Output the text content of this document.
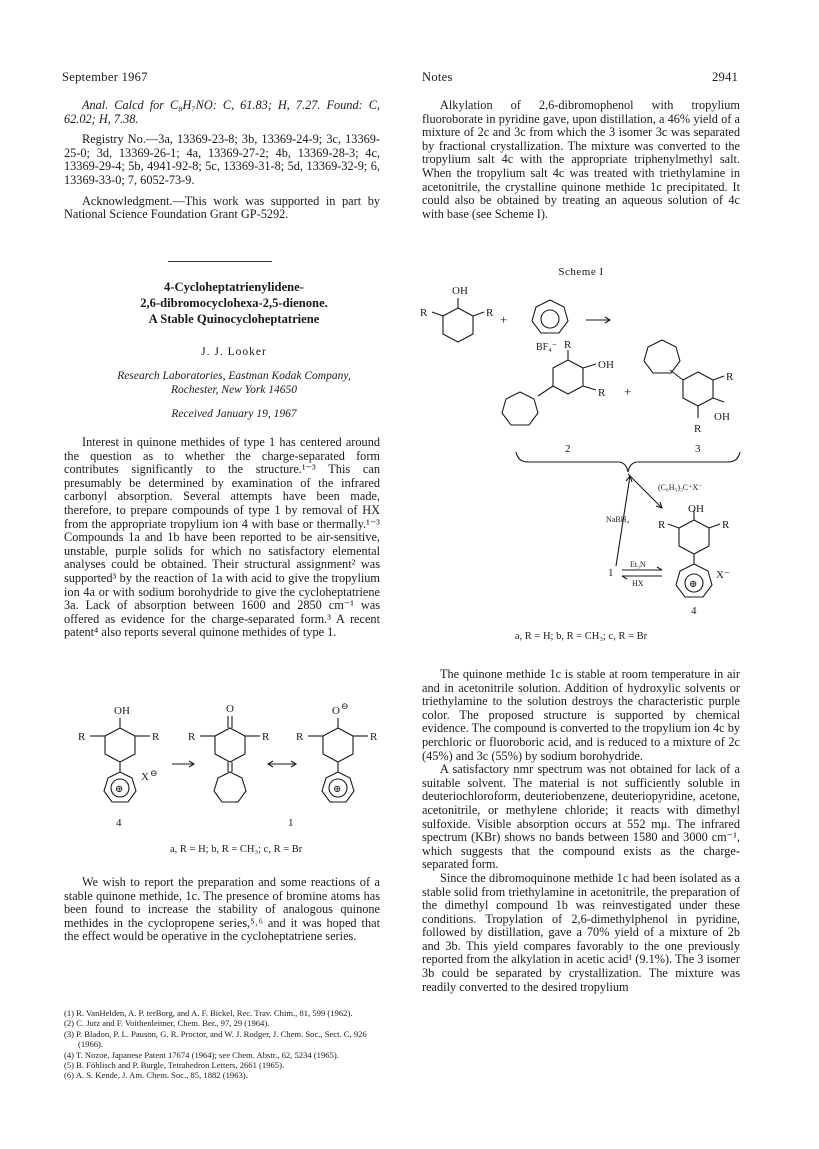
September 1967	Notes	2941

Anal. Calcd for C₈H₇NO: C, 61.83; H, 7.27. Found: C, 62.02; H, 7.38.

Registry No.—3a, 13369-23-8; 3b, 13369-24-9; 3c, 13369-25-0; 3d, 13369-26-1; 4a, 13369-27-2; 4b, 13369-28-3; 4c, 13369-29-4; 5b, 4941-92-8; 5c, 13369-31-8; 5d, 13369-32-9; 6, 13369-33-0; 7, 6052-73-9.

Acknowledgment.—This work was supported in part by National Science Foundation Grant GP-5292.

4-Cycloheptatrienylidene-
2,6-dibromocyclohexa-2,5-dienone.
A Stable Quinocycloheptatriene
J. J. Looker
Research Laboratories, Eastman Kodak Company,
Rochester, New York 14650
Received January 19, 1967

Interest in quinone methides of type 1 has centered around the question as to whether the charge-separated form contributes significantly to the structure.¹⁻³ This can presumably be determined by examination of the infrared carbonyl absorption. Several attempts have been made, therefore, to prepare compounds of type 1 by removal of HX from the appropriate tropylium ion 4 with base or thermally.¹⁻³ Compounds 1a and 1b have been reported to be air-sensitive, unstable, purple solids for which no satisfactory elemental analyses could be obtained. Their structural assignment² was supported³ by the reaction of 1a with acid to give the tropylium ion 4a or with sodium borohydride to give the cycloheptatriene 3a. Lack of absorption between 1600 and 2850 cm⁻¹ was offered as evidence for the charge-separated form.³ A recent patent⁴ also reports several quinone methides of type 1.

OH
R	R
X ⊖
⊕
4
O
R	R
1
O ⊖
R	R
⊕
a, R = H; b, R = CH₃; c, R = Br

We wish to report the preparation and some reactions of a stable quinone methide, 1c. The presence of bromine atoms has been found to increase the stability of analogous quinone methides in the cyclopropene series,⁵˒⁶ and it was hoped that the effect would be operative in the cycloheptatriene series.

(1) R. VanHelden, A. P. terBorg, and A. F. Bickel, Rec. Trav. Chim., 81, 599 (1962).
(2) C. Jutz and F. Voithenleitner, Chem. Ber., 97, 29 (1964).
(3) P. Bladon, P. L. Pauson, G. R. Proctor, and W. J. Rodger, J. Chem. Soc., Sect. C, 926 (1966).
(4) T. Nozoe, Japanese Patent 17674 (1964); see Chem. Abstr., 62, 5234 (1965).
(5) B. Föhlisch and P. Burgle, Tetrahedron Letters, 2661 (1965).
(6) A. S. Kende, J. Am. Chem. Soc., 85, 1882 (1963).

Alkylation of 2,6-dibromophenol with tropylium fluoroborate in pyridine gave, upon distillation, a 46% yield of a mixture of 2c and 3c from which the 3 isomer 3c was separated by fractional crystallization. The mixture was converted to the tropylium salt 4c with the appropriate triphenylmethyl salt. When the tropylium salt 4c was treated with triethylamine in acetonitrile, the crystalline quinone methide 1c precipitated. It could also be obtained by treating an aqueous solution of 4c with base (see Scheme I).

Scheme I
OH
R	R +
BF₄⁻ R
OH
R +
R
OH
R
2	3
(C₆H₅)₃C⁺X⁻
NaBH₄
OH
R	R
Et₃N
HX
1	X⁻
⊕
4
a, R = H; b, R = CH₃; c, R = Br

The quinone methide 1c is stable at room temperature in air and in acetonitrile solution. Addition of hydroxylic solvents or triethylamine to the solution destroys the characteristic purple color. The proposed structure is supported by chemical evidence. The compound is converted to the tropylium ion 4c by perchloric or fluoroboric acid, and is reduced to a mixture of 2c (45%) and 3c (55%) by sodium borohydride.

A satisfactory nmr spectrum was not obtained for lack of a suitable solvent. The material is not sufficiently soluble in deuteriochloroform, deuteriobenzene, deuteriopyridine, acetone, acetonitrile, or methylene chloride; it reacts with dimethyl sulfoxide. Visible absorption occurs at 552 mμ. The infrared spectrum (KBr) shows no bands between 1580 and 3000 cm⁻¹, which suggests that the compound exists as the charge-separated form.

Since the dibromoquinone methide 1c had been isolated as a stable solid from triethylamine in acetonitrile, the preparation of the dimethyl compound 1b was reinvestigated under these conditions. Tropylation of 2,6-dimethylphenol in pyridine, followed by distillation, gave a 70% yield of a mixture of 2b and 3b. This yield compares favorably to the one previously reported from the alkylation in acetic acid¹ (9.1%). The 3 isomer 3b could be separated by crystallization. The mixture was readily converted to the desired tropylium
